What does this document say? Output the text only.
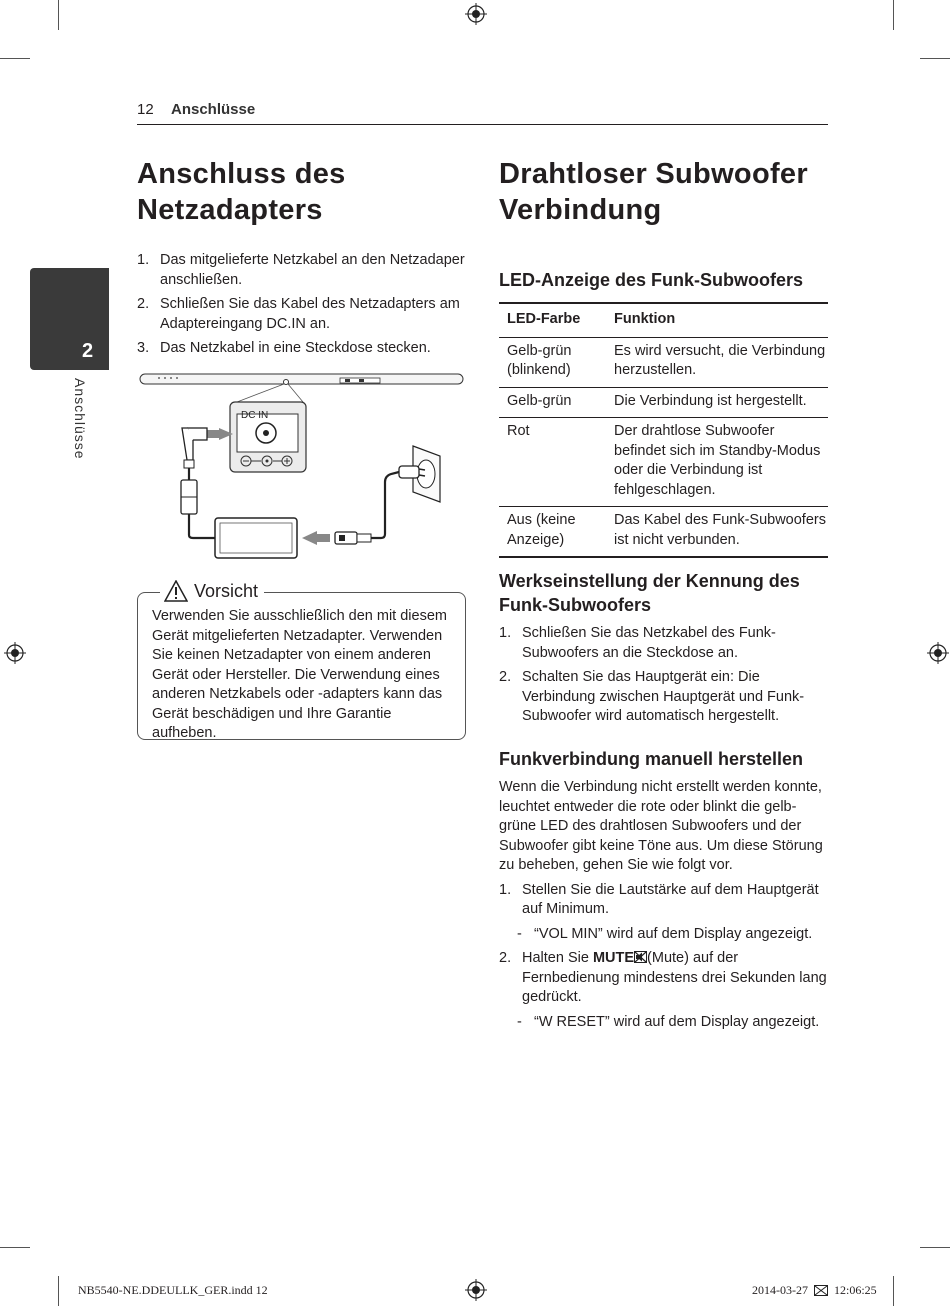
12 Anschlüsse
2
Anschlüsse
Anschluss des
Netzadapters
1. Das mitgelieferte Netzkabel an den Netzadaper anschließen.
2. Schließen Sie das Kabel des Netzadapters am Adaptereingang DC.IN an.
3. Das Netzkabel in eine Steckdose stecken.
DC IN
Vorsicht
Verwenden Sie ausschließlich den mit diesem Gerät mitgelieferten Netzadapter. Verwenden Sie keinen Netzadapter von einem anderen Gerät oder Hersteller. Die Verwendung eines anderen Netzkabels oder -adapters kann das Gerät beschädigen und Ihre Garantie aufheben.
Drahtloser Subwoofer
Verbindung
LED-Anzeige des Funk-Subwoofers
LED-Farbe	Funktion
Gelb-grün (blinkend)	Es wird versucht, die Verbindung herzustellen.
Gelb-grün	Die Verbindung ist hergestellt.
Rot	Der drahtlose Subwoofer befindet sich im Standby-Modus oder die Verbindung ist fehlgeschlagen.
Aus (keine Anzeige)	Das Kabel des Funk-Subwoofers ist nicht verbunden.
Werkseinstellung der Kennung des Funk-Subwoofers
1. Schließen Sie das Netzkabel des Funk-Subwoofers an die Steckdose an.
2. Schalten Sie das Hauptgerät ein: Die Verbindung zwischen Hauptgerät und Funk-Subwoofer wird automatisch hergestellt.
Funkverbindung manuell herstellen
Wenn die Verbindung nicht erstellt werden konnte, leuchtet entweder die rote oder blinkt die gelb-grüne LED des drahtlosen Subwoofers und der Subwoofer gibt keine Töne aus. Um diese Störung zu beheben, gehen Sie wie folgt vor.
1. Stellen Sie die Lautstärke auf dem Hauptgerät auf Minimum.
- “VOL MIN” wird auf dem Display angezeigt.
2. Halten Sie MUTE (Mute) auf der Fernbedienung mindestens drei Sekunden lang gedrückt.
- “W RESET” wird auf dem Display angezeigt.
NB5540-NE.DDEULLK_GER.indd 12	2014-03-27 12:06:25
